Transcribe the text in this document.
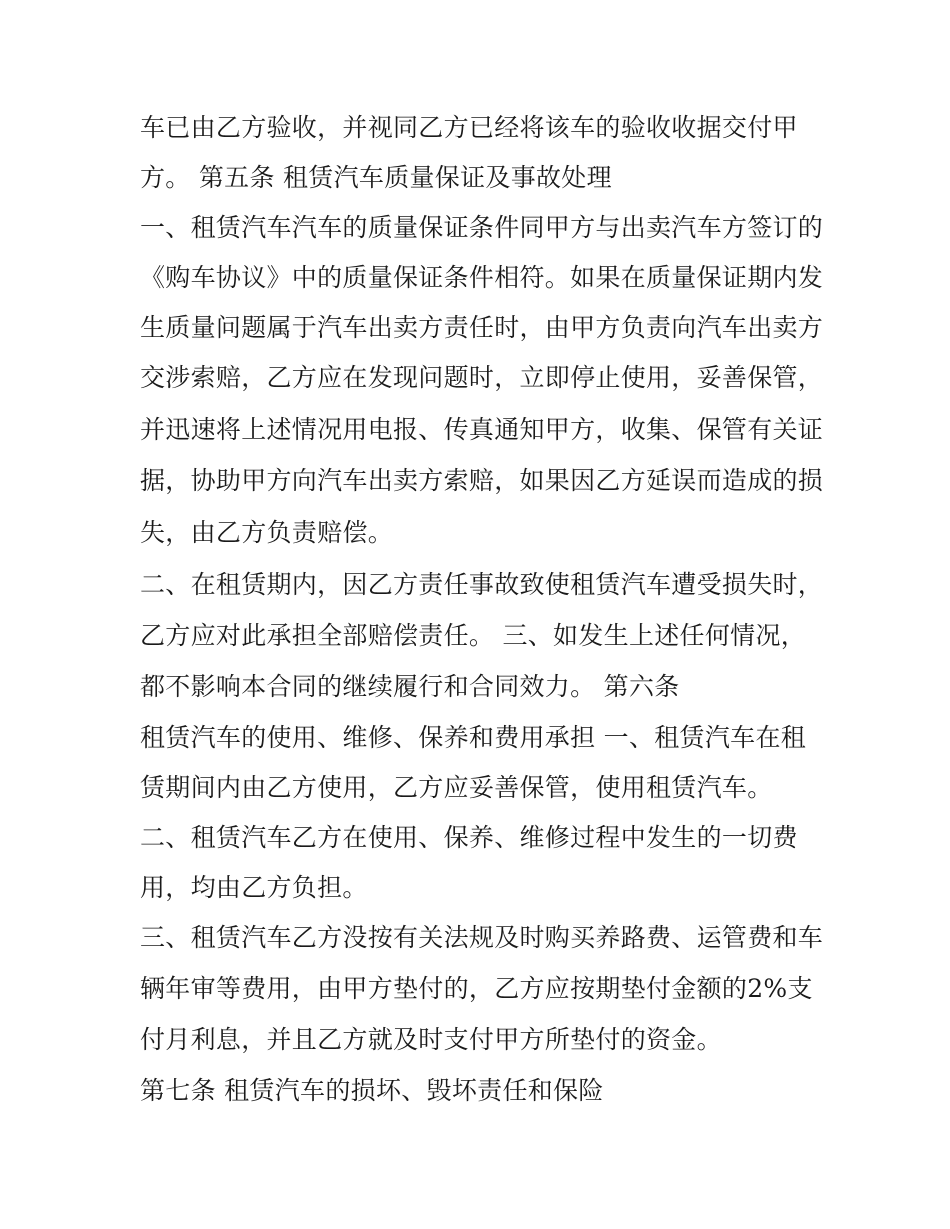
车已由乙方验收，并视同乙方已经将该车的验收收据交付甲

方。 第五条 租赁汽车质量保证及事故处理

一、租赁汽车汽车的质量保证条件同甲方与出卖汽车方签订的

《购车协议》中的质量保证条件相符。如果在质量保证期内发

生质量问题属于汽车出卖方责任时，由甲方负责向汽车出卖方

交涉索赔，乙方应在发现问题时，立即停止使用，妥善保管，

并迅速将上述情况用电报、传真通知甲方，收集、保管有关证

据，协助甲方向汽车出卖方索赔，如果因乙方延误而造成的损

失，由乙方负责赔偿。

二、在租赁期内，因乙方责任事故致使租赁汽车遭受损失时，

乙方应对此承担全部赔偿责任。 三、如发生上述任何情况，

都不影响本合同的继续履行和合同效力。 第六条

租赁汽车的使用、维修、保养和费用承担 一、租赁汽车在租

赁期间内由乙方使用，乙方应妥善保管，使用租赁汽车。

二、租赁汽车乙方在使用、保养、维修过程中发生的一切费

用，均由乙方负担。

三、租赁汽车乙方没按有关法规及时购买养路费、运管费和车

辆年审等费用，由甲方垫付的，乙方应按期垫付金额的2%支

付月利息，并且乙方就及时支付甲方所垫付的资金。

第七条 租赁汽车的损坏、毁坏责任和保险
